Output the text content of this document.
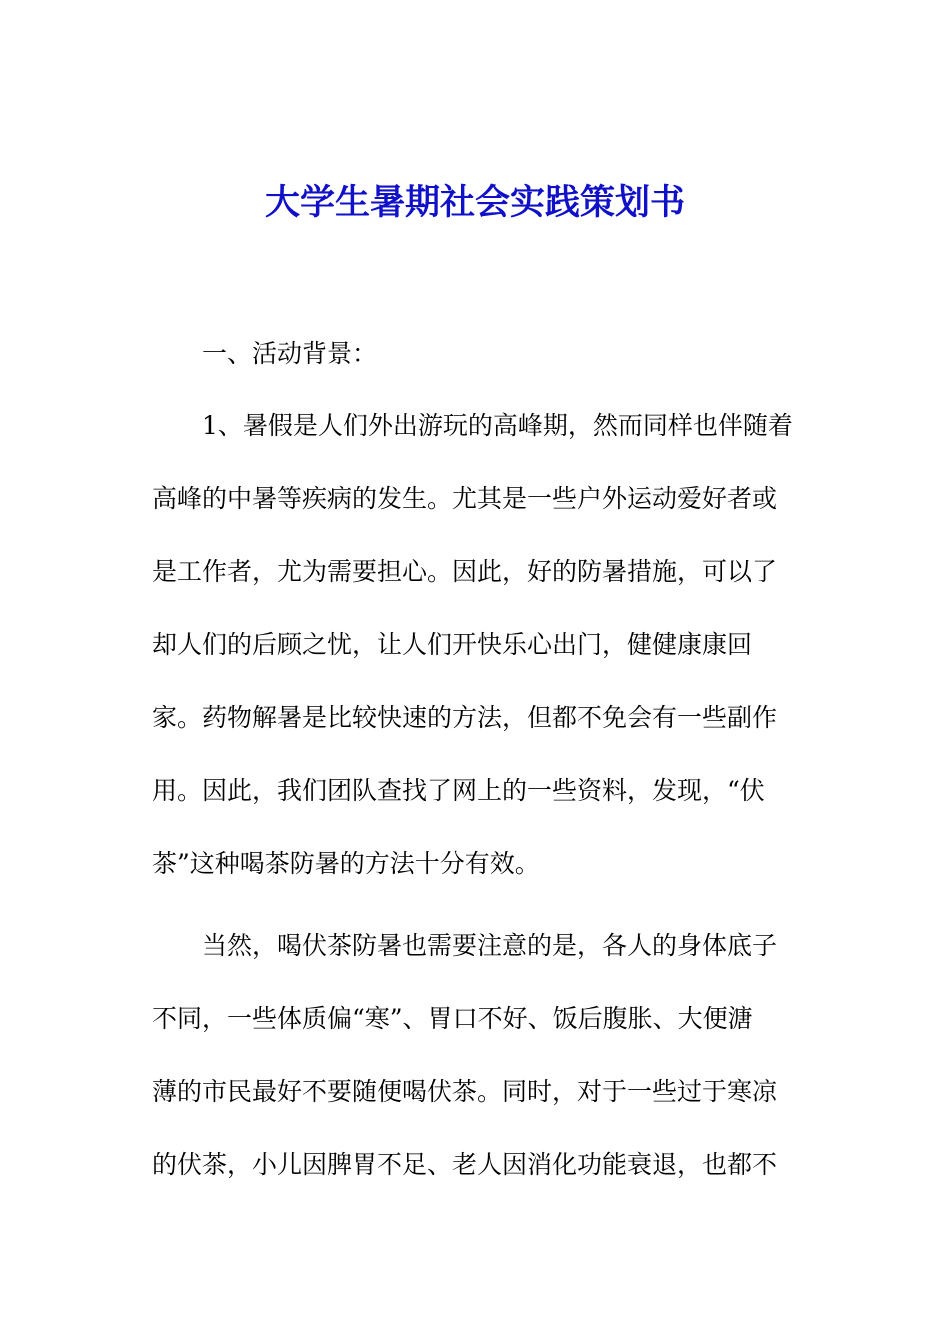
大学生暑期社会实践策划书
一、活动背景：
1、暑假是人们外出游玩的高峰期，然而同样也伴随着
高峰的中暑等疾病的发生。尤其是一些户外运动爱好者或
是工作者，尤为需要担心。因此，好的防暑措施，可以了
却人们的后顾之忧，让人们开快乐心出门，健健康康回
家。药物解暑是比较快速的方法，但都不免会有一些副作
用。因此，我们团队查找了网上的一些资料，发现，“伏
茶”这种喝茶防暑的方法十分有效。
当然，喝伏茶防暑也需要注意的是，各人的身体底子
不同，一些体质偏“寒”、胃口不好、饭后腹胀、大便溏
薄的市民最好不要随便喝伏茶。同时，对于一些过于寒凉
的伏茶，小儿因脾胃不足、老人因消化功能衰退，也都不
